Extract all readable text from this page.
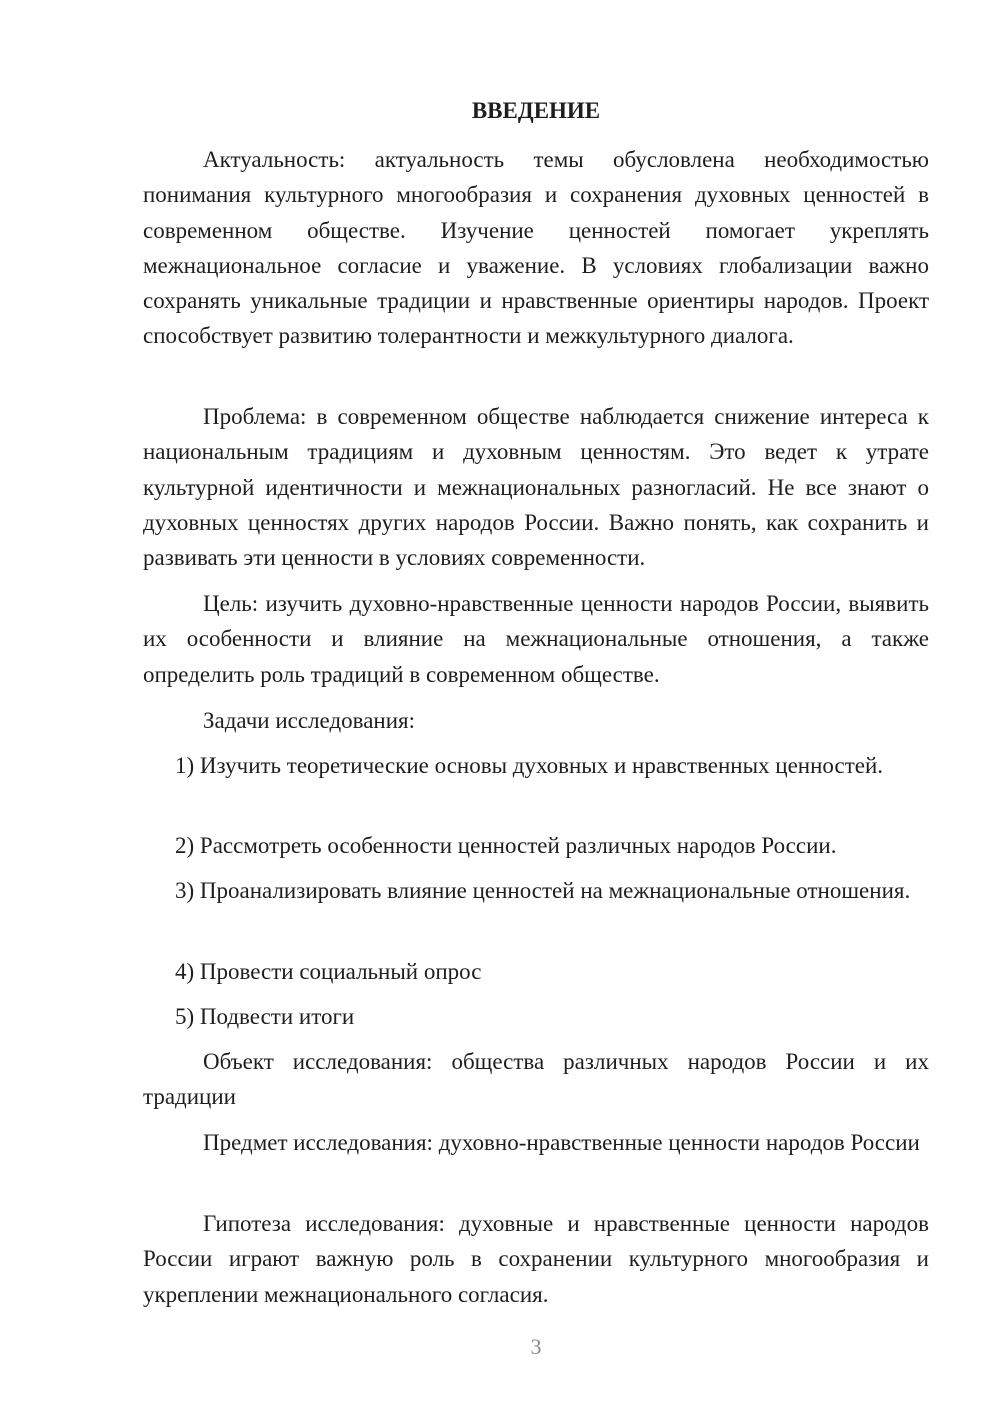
ВВЕДЕНИЕ

Актуальность: актуальность темы обусловлена необходимостью понимания культурного многообразия и сохранения духовных ценностей в современном обществе. Изучение ценностей помогает укреплять межнациональное согласие и уважение. В условиях глобализации важно сохранять уникальные традиции и нравственные ориентиры народов. Проект способствует развитию толерантности и межкультурного диалога.

Проблема: в современном обществе наблюдается снижение интереса к национальным традициям и духовным ценностям. Это ведет к утрате культурной идентичности и межнациональных разногласий. Не все знают о духовных ценностях других народов России. Важно понять, как сохранить и развивать эти ценности в условиях современности.

Цель: изучить духовно-нравственные ценности народов России, выявить их особенности и влияние на межнациональные отношения, а также определить роль традиций в современном обществе.

Задачи исследования:

1) Изучить теоретические основы духовных и нравственных ценностей.

2) Рассмотреть особенности ценностей различных народов России.

3) Проанализировать влияние ценностей на межнациональные отношения.

4) Провести социальный опрос

5) Подвести итоги

Объект исследования: общества различных народов России и их традиции

Предмет исследования: духовно-нравственные ценности народов России

Гипотеза исследования: духовные и нравственные ценности народов России играют важную роль в сохранении культурного многообразия и укреплении межнационального согласия.

3
